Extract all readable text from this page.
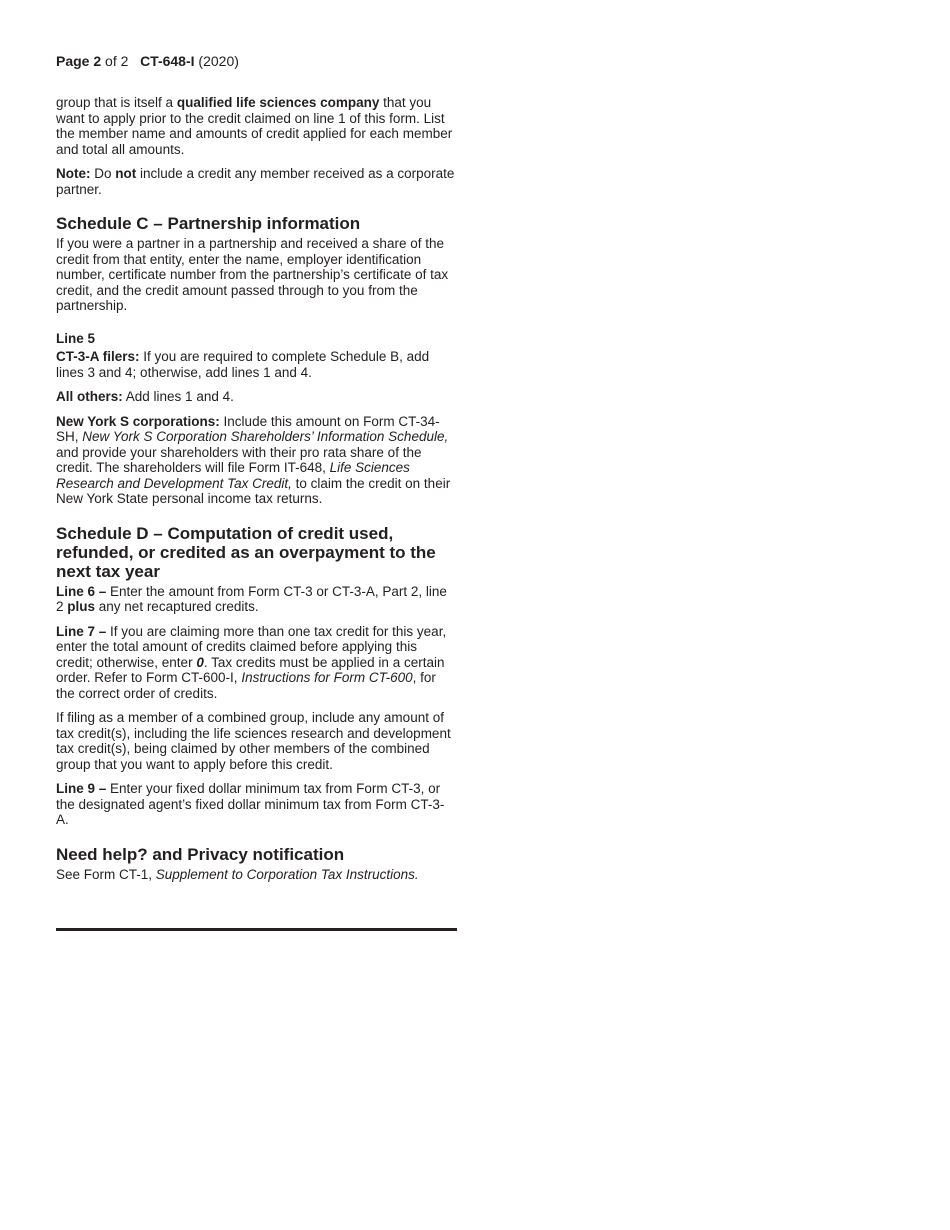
Page 2 of 2 CT-648-I (2020)

group that is itself a qualified life sciences company that you want to apply prior to the credit claimed on line 1 of this form. List the member name and amounts of credit applied for each member and total all amounts.

Note: Do not include a credit any member received as a corporate partner.

Schedule C – Partnership information

If you were a partner in a partnership and received a share of the credit from that entity, enter the name, employer identification number, certificate number from the partnership’s certificate of tax credit, and the credit amount passed through to you from the partnership.

Line 5

CT-3-A filers: If you are required to complete Schedule B, add lines 3 and 4; otherwise, add lines 1 and 4.

All others: Add lines 1 and 4.

New York S corporations: Include this amount on Form CT-34-SH, New York S Corporation Shareholders’ Information Schedule, and provide your shareholders with their pro rata share of the credit. The shareholders will file Form IT-648, Life Sciences Research and Development Tax Credit, to claim the credit on their New York State personal income tax returns.

Schedule D – Computation of credit used, refunded, or credited as an overpayment to the next tax year

Line 6 – Enter the amount from Form CT-3 or CT-3-A, Part 2, line 2 plus any net recaptured credits.

Line 7 – If you are claiming more than one tax credit for this year, enter the total amount of credits claimed before applying this credit; otherwise, enter 0. Tax credits must be applied in a certain order. Refer to Form CT-600-I, Instructions for Form CT-600, for the correct order of credits.

If filing as a member of a combined group, include any amount of tax credit(s), including the life sciences research and development tax credit(s), being claimed by other members of the combined group that you want to apply before this credit.

Line 9 – Enter your fixed dollar minimum tax from Form CT-3, or the designated agent’s fixed dollar minimum tax from Form CT-3-A.

Need help? and Privacy notification

See Form CT-1, Supplement to Corporation Tax Instructions.
